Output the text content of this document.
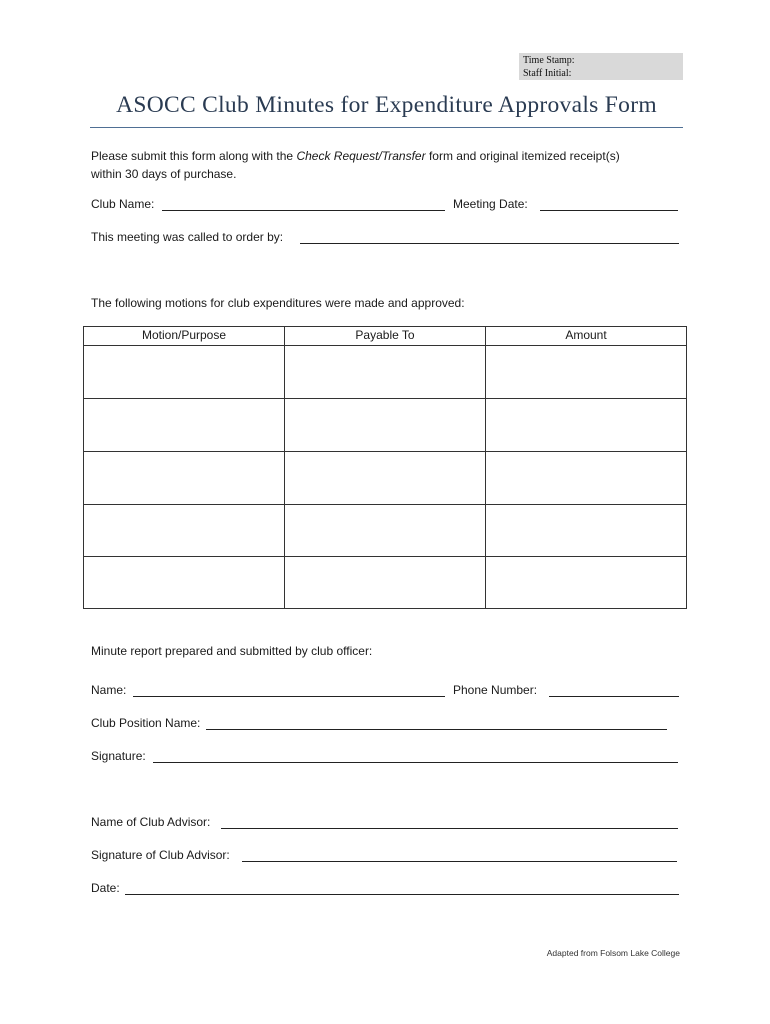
Time Stamp:
Staff Initial:
ASOCC Club Minutes for Expenditure Approvals Form
Please submit this form along with the Check Request/Transfer form and original itemized receipt(s)
within 30 days of purchase.
Club Name:	Meeting Date:
This meeting was called to order by:
The following motions for club expenditures were made and approved:
Motion/Purpose	Payable To	Amount
Minute report prepared and submitted by club officer:
Name:	Phone Number:
Club Position Name:
Signature:
Name of Club Advisor:
Signature of Club Advisor:
Date:
Adapted from Folsom Lake College
